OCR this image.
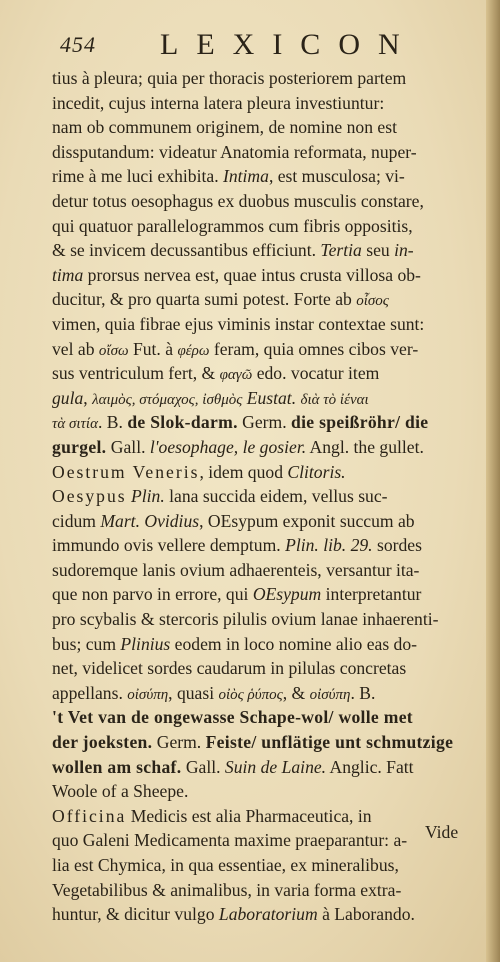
454 LEXICON
tius à pleura; quia per thoracis posteriorem partem
incedit, cujus interna latera pleura investiuntur:
nam ob communem originem, de nomine non est
dissputandum: videatur Anatomia reformata, nuper-
rime à me luci exhibita. Intima, est musculosa; vi-
detur totus oesophagus ex duobus musculis constare,
qui quatuor parallelogrammos cum fibris oppositis,
& se invicem decussantibus efficiunt. Tertia seu in-
tima prorsus nervea est, quae intus crusta villosa ob-
ducitur, & pro quarta sumi potest. Forte ab οἶσος
vimen, quia fibrae ejus viminis instar contextae sunt:
vel ab οἴσω Fut. à φέρω feram, quia omnes cibos ver-
sus ventriculum fert, & φαγῶ edo. vocatur item
gula, λαιμὸς, στόμαχος, ἰσθμὸς Eustat. διὰ τὸ ἰέναι
τὰ σιτία. B. de Slok-darm. Germ. die speißröhr/ die
gurgel. Gall. l'oesophage, le gosier. Angl. the gullet.
Oestrum Veneris, idem quod Clitoris.
Oesypus Plin. lana succida eidem, vellus suc-
cidum Mart. Ovidius, OEsypum exponit succum ab
immundo ovis vellere demptum. Plin. lib. 29. sordes
sudoremque lanis ovium adhaerenteis, versantur ita-
que non parvo in errore, qui OEsypum interpretantur
pro scybalis & stercoris pilulis ovium lanae inhaerenti-
bus; cum Plinius eodem in loco nomine alio eas do-
net, videlicet sordes caudarum in pilulas concretas
appellans. οἰσύπη, quasi οἰὸς ῥύπος, & οἰσύπη. B.
't Vet van de ongewasse Schape-wol/ wolle met
der joeksten. Germ. Feiste/ unflätige unt schmutzige
wollen am schaf. Gall. Suin de Laine. Anglic. Fatt
Woole of a Sheepe.
Officina Medicis est alia Pharmaceutica, in
quo Galeni Medicamenta maxime praeparantur: a-
lia est Chymica, in qua essentiae, ex mineralibus,
Vegetabilibus & animalibus, in varia forma extra-
huntur, & dicitur vulgo Laboratorium à Laborando.
Vide
